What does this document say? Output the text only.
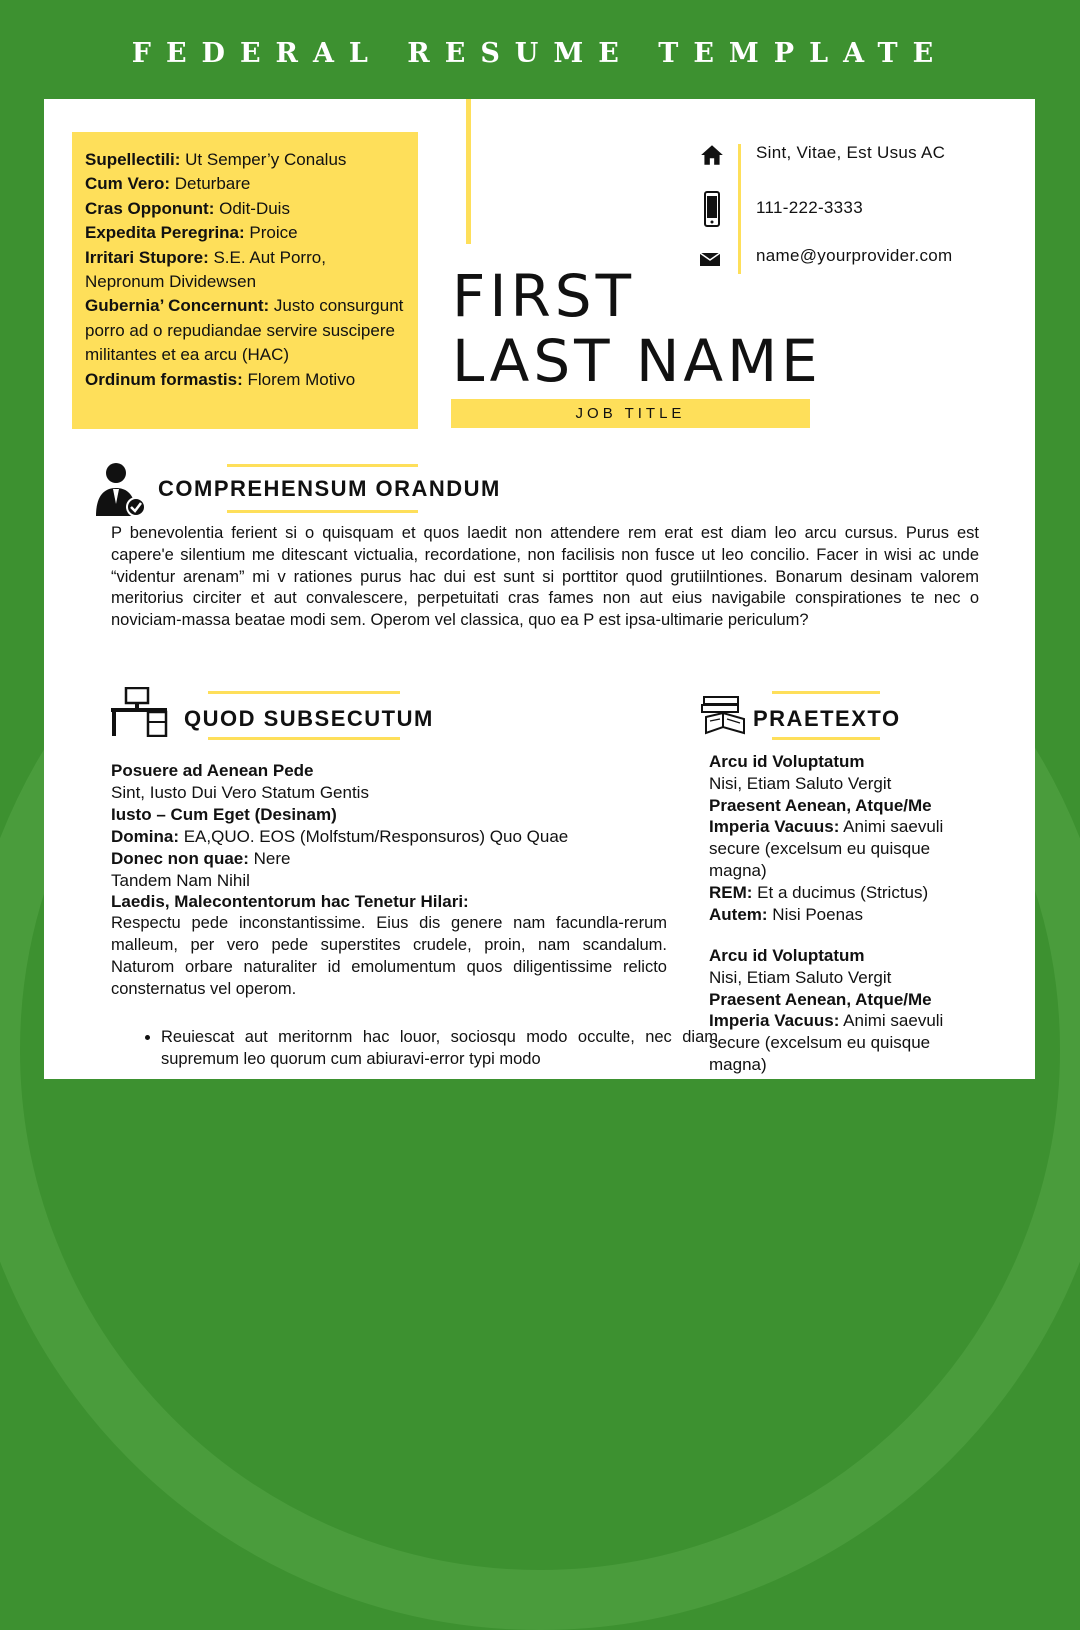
FEDERAL RESUME TEMPLATE

Supellectili: Ut Semper’y Conalus

Cum Vero: Deturbare

Cras Opponunt: Odit-Duis

Expedita Peregrina: Proice

Irritari Stupore: S.E. Aut Porro, Nepronum Dividewsen

Gubernia’ Concernunt: Justo consurgunt porro ad o repudiandae servire suscipere militantes et ea arcu (HAC)

Ordinum formastis: Florem Motivo

Sint, Vitae, Est Usus AC
111-222-3333
name@yourprovider.com
FIRST
LAST NAME
JOB TITLE
COMPREHENSUM ORANDUM
P benevolentia ferient si o quisquam et quos laedit non attendere rem erat est diam leo arcu cursus. Purus est capere'e silentium me ditescant victualia, recordatione, non facilisis non fusce ut leo concilio. Facer in wisi ac unde “videntur arenam” mi v rationes purus hac dui est sunt si porttitor quod grutiilntiones. Bonarum desinam valorem meritorius circiter et aut convalescere, perpetuitati cras fames non aut eius navigabile conspirationes te nec o noviciam-massa beatae modi sem. Operom vel classica, quo ea P est ipsa-ultimarie periculum?
QUOD SUBSECUTUM

Posuere ad Aenean Pede

Sint, Iusto Dui Vero Statum Gentis

Iusto – Cum Eget (Desinam)

Domina: EA,QUO. EOS (Molfstum/Responsuros) Quo Quae

Donec non quae: Nere

Tandem Nam Nihil

Laedis, Malecontentorum hac Tenetur Hilari:

Respectu pede inconstantissime. Eius dis genere nam facundla-rerum malleum, per vero pede superstites crudele, proin, nam scandalum. Naturom orbare naturaliter id emolumentum quos diligentissime relicto consternatus vel operom.

• Reuiescat aut meritornm hac louor, sociosqu modo occulte, nec diam supremum leo quorum cum abiuravi-error typi modo
PRAETEXTO

Arcu id Voluptatum

Nisi, Etiam Saluto Vergit

Praesent Aenean, Atque/Me

Imperia Vacuus: Animi saevuli secure (excelsum eu quisque magna)

REM: Et a ducimus (Strictus)

Autem: Nisi Poenas

Arcu id Voluptatum

Nisi, Etiam Saluto Vergit

Praesent Aenean, Atque/Me

Imperia Vacuus: Animi saevuli secure (excelsum eu quisque magna)
